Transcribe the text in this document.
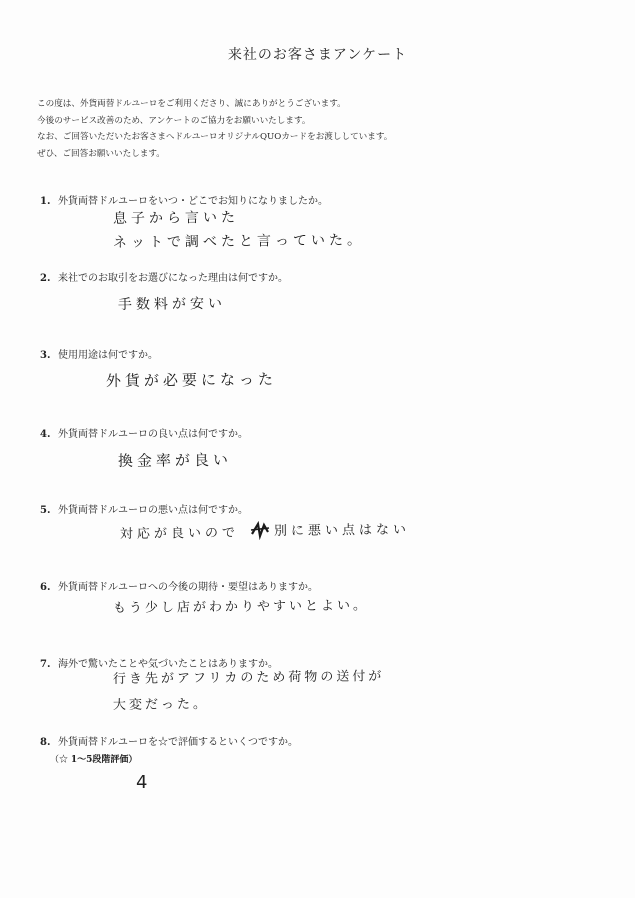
来社のお客さまアンケート
この度は、外貨両替ドルユーロをご利用くださり、誠にありがとうございます。
今後のサービス改善のため、アンケートのご協力をお願いいたします。
なお、ご回答いただいたお客さまへドルユーロオリジナルQUOカードをお渡ししています。
ぜひ、ご回答お願いいたします。
1. 外貨両替ドルユーロをいつ・どこでお知りになりましたか。
息子から言いた
ネットで調べたと言っていた。
2. 来社でのお取引をお選びになった理由は何ですか。
手数料が安い
3. 使用用途は何ですか。
外貨が必要になった
4. 外貨両替ドルユーロの良い点は何ですか。
換金率が良い
5. 外貨両替ドルユーロの悪い点は何ですか。
対応が良いので	別に悪い点はない
6. 外貨両替ドルユーロへの今後の期待・要望はありますか。
もう少し店がわかりやすいとよい。
7. 海外で驚いたことや気づいたことはありますか。
行き先がアフリカのため荷物の送付が
大変だった。
8. 外貨両替ドルユーロを☆で評価するといくつですか。
（☆ 1～5段階評価）
4
